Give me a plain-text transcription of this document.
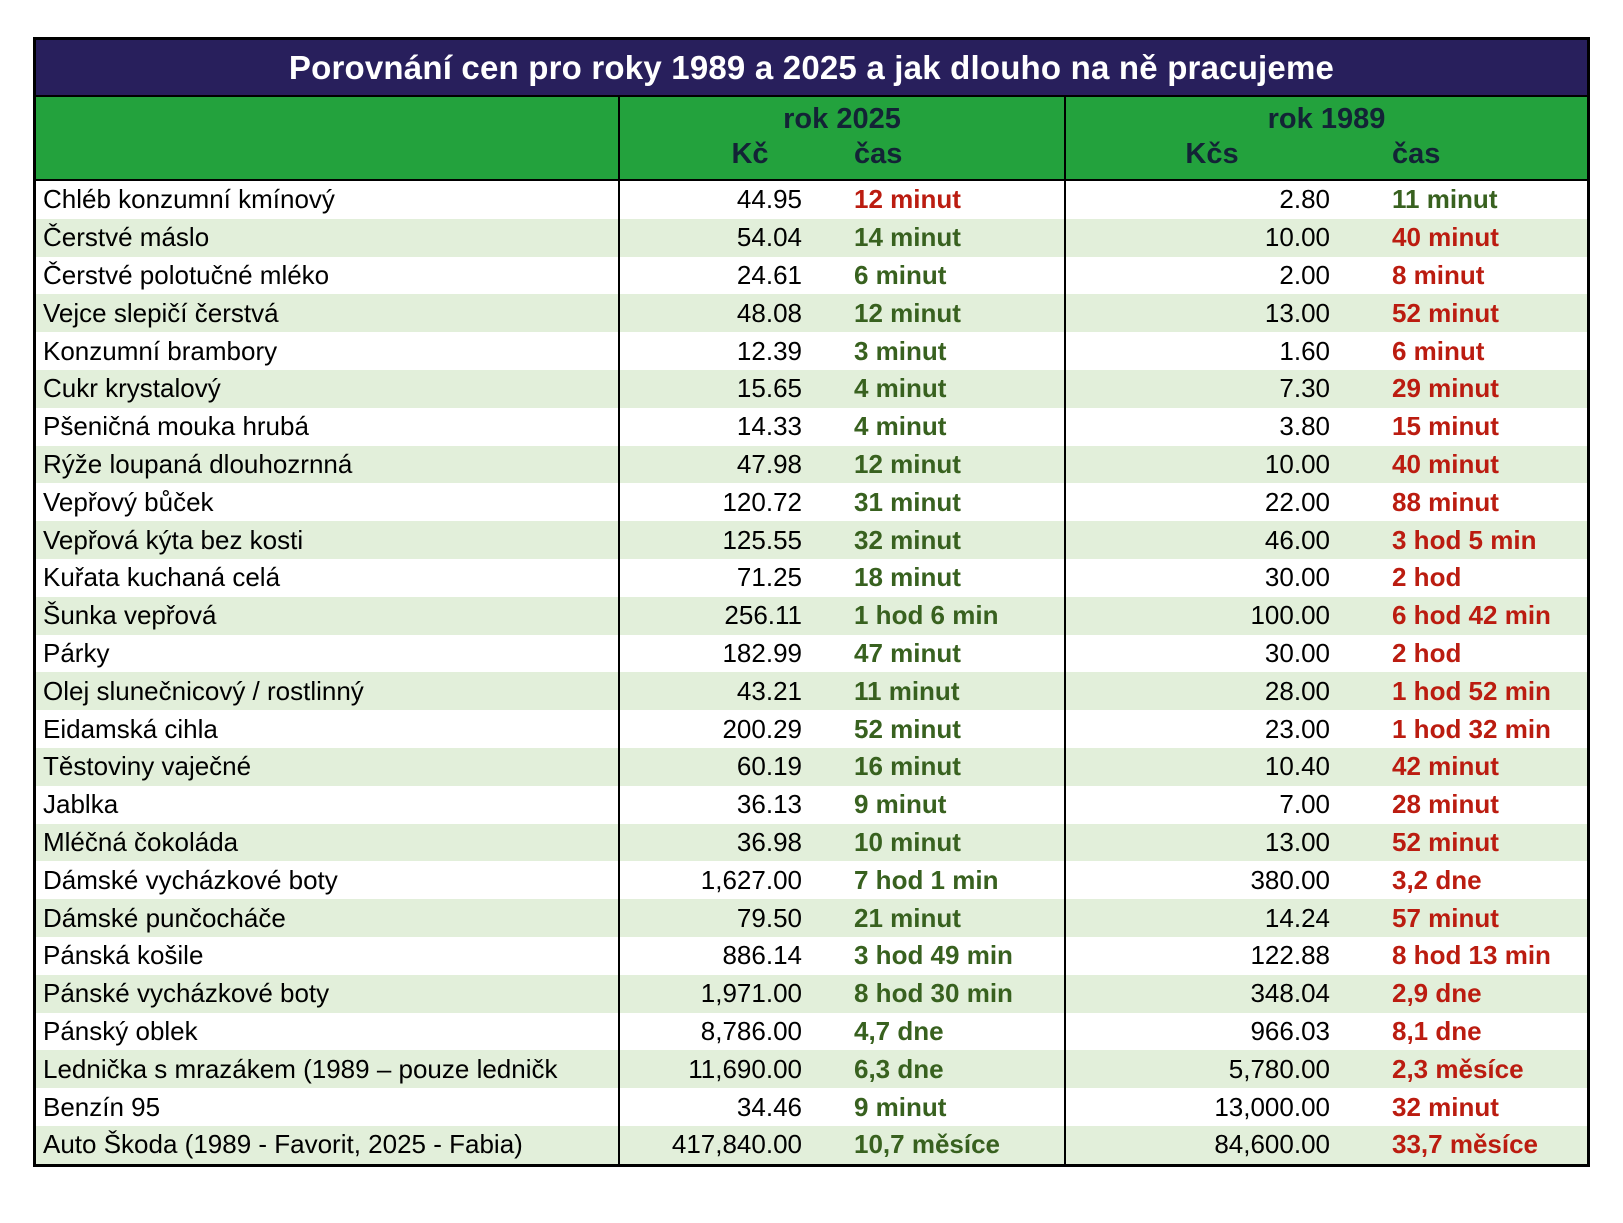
Porovnání cen pro roky 1989 a 2025 a jak dlouho na ně pracujeme
rok 2025
Kč	čas
rok 1989
Kčs	čas
Chléb konzumní kmínový	44.95	12 minut	2.80	11 minut
Čerstvé máslo	54.04	14 minut	10.00	40 minut
Čerstvé polotučné mléko	24.61	6 minut	2.00	8 minut
Vejce slepičí čerstvá	48.08	12 minut	13.00	52 minut
Konzumní brambory	12.39	3 minut	1.60	6 minut
Cukr krystalový	15.65	4 minut	7.30	29 minut
Pšeničná mouka hrubá	14.33	4 minut	3.80	15 minut
Rýže loupaná dlouhozrnná	47.98	12 minut	10.00	40 minut
Vepřový bůček	120.72	31 minut	22.00	88 minut
Vepřová kýta bez kosti	125.55	32 minut	46.00	3 hod 5 min
Kuřata kuchaná celá	71.25	18 minut	30.00	2 hod
Šunka vepřová	256.11	1 hod 6 min	100.00	6 hod 42 min
Párky	182.99	47 minut	30.00	2 hod
Olej slunečnicový / rostlinný	43.21	11 minut	28.00	1 hod 52 min
Eidamská cihla	200.29	52 minut	23.00	1 hod 32 min
Těstoviny vaječné	60.19	16 minut	10.40	42 minut
Jablka	36.13	9 minut	7.00	28 minut
Mléčná čokoláda	36.98	10 minut	13.00	52 minut
Dámské vycházkové boty	1,627.00	7 hod 1 min	380.00	3,2 dne
Dámské punčocháče	79.50	21 minut	14.24	57 minut
Pánská košile	886.14	3 hod 49 min	122.88	8 hod 13 min
Pánské vycházkové boty	1,971.00	8 hod 30 min	348.04	2,9 dne
Pánský oblek	8,786.00	4,7 dne	966.03	8,1 dne
Lednička s mrazákem (1989 – pouze ledničk	11,690.00	6,3 dne	5,780.00	2,3 měsíce
Benzín 95	34.46	9 minut	13,000.00	32 minut
Auto Škoda (1989 - Favorit, 2025 - Fabia)	417,840.00	10,7 měsíce	84,600.00	33,7 měsíce
